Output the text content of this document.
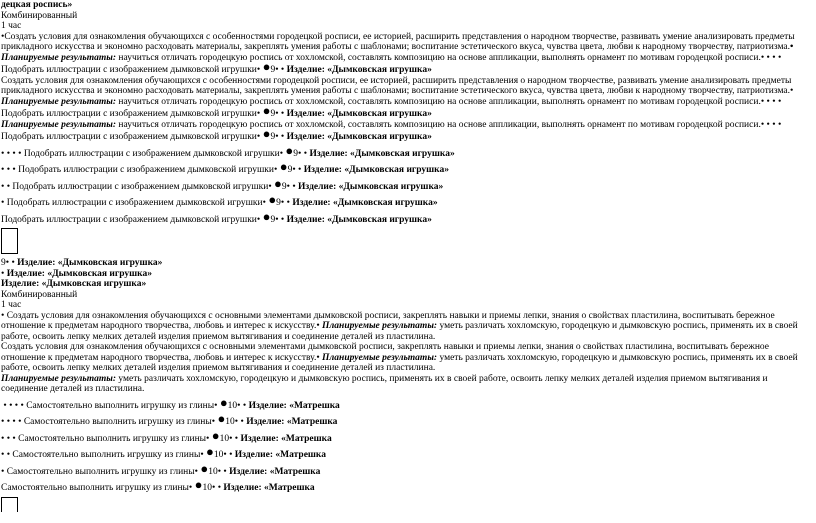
децкая роспись»
Комбинированный
1 час
•Создать условия для ознакомления обучающихся с особенностями городецкой росписи, ее историей, расширить представления о народном творчестве, развивать умение анализировать предметы прикладного искусства и экономно расходовать материалы, закреплять умения работы с шаблонами; воспитание эстетического вкуса, чувства цвета, любви к народному творчеству, патриотизма.• Планируемые результаты: научиться отличать городецкую роспись от хохломской, составлять композицию на основе аппликации, выполнять орнамент по мотивам городецкой росписи.• • • • Подобрать иллюстрации с изображением дымковской игрушки• ●9• • Изделие: «Дымковская игрушка»
Создать условия для ознакомления обучающихся с особенностями городецкой росписи, ее историей, расширить представления о народном творчестве, развивать умение анализировать предметы прикладного искусства и экономно расходовать материалы, закреплять умения работы с шаблонами; воспитание эстетического вкуса, чувства цвета, любви к народному творчеству, патриотизма.• Планируемые результаты: научиться отличать городецкую роспись от хохломской, составлять композицию на основе аппликации, выполнять орнамент по мотивам городецкой росписи.• • • • Подобрать иллюстрации с изображением дымковской игрушки• ●9• • Изделие: «Дымковская игрушка»
Планируемые результаты: научиться отличать городецкую роспись от хохломской, составлять композицию на основе аппликации, выполнять орнамент по мотивам городецкой росписи.• • • • Подобрать иллюстрации с изображением дымковской игрушки• ●9• • Изделие: «Дымковская игрушка»
• • • • Подобрать иллюстрации с изображением дымковской игрушки• ●9• • Изделие: «Дымковская игрушка»
• • • Подобрать иллюстрации с изображением дымковской игрушки• ●9• • Изделие: «Дымковская игрушка»
• • Подобрать иллюстрации с изображением дымковской игрушки• ●9• • Изделие: «Дымковская игрушка»
• Подобрать иллюстрации с изображением дымковской игрушки• ●9• • Изделие: «Дымковская игрушка»
Подобрать иллюстрации с изображением дымковской игрушки• ●9• • Изделие: «Дымковская игрушка»
9• • Изделие: «Дымковская игрушка»
• Изделие: «Дымковская игрушка»
Изделие: «Дымковская игрушка»
Комбинированный
1 час
• Создать условия для ознакомления обучающихся с основными элементами дымковской росписи, закреплять навыки и приемы лепки, знания о свойствах пластилина, воспитывать бережное отношение к предметам народного творчества, любовь и интерес к искусству.• Планируемые результаты: уметь различать хохломскую, городецкую и дымковскую роспись, применять их в своей работе, освоить лепку мелких деталей изделия приемом вытягивания и соединение деталей из пластилина.
Создать условия для ознакомления обучающихся с основными элементами дымковской росписи, закреплять навыки и приемы лепки, знания о свойствах пластилина, воспитывать бережное отношение к предметам народного творчества, любовь и интерес к искусству.• Планируемые результаты: уметь различать хохломскую, городецкую и дымковскую роспись, применять их в своей работе, освоить лепку мелких деталей изделия приемом вытягивания и соединение деталей из пластилина.
Планируемые результаты: уметь различать хохломскую, городецкую и дымковскую роспись, применять их в своей работе, освоить лепку мелких деталей изделия приемом вытягивания и соединение деталей из пластилина.
• • • • Самостоятельно выполнить игрушку из глины• ●10• • Изделие: «Матрешка
• • • • Самостоятельно выполнить игрушку из глины• ●10• • Изделие: «Матрешка
• • • Самостоятельно выполнить игрушку из глины• ●10• • Изделие: «Матрешка
• • Самостоятельно выполнить игрушку из глины• ●10• • Изделие: «Матрешка
• Самостоятельно выполнить игрушку из глины• ●10• • Изделие: «Матрешка
Самостоятельно выполнить игрушку из глины• ●10• • Изделие: «Матрешка
